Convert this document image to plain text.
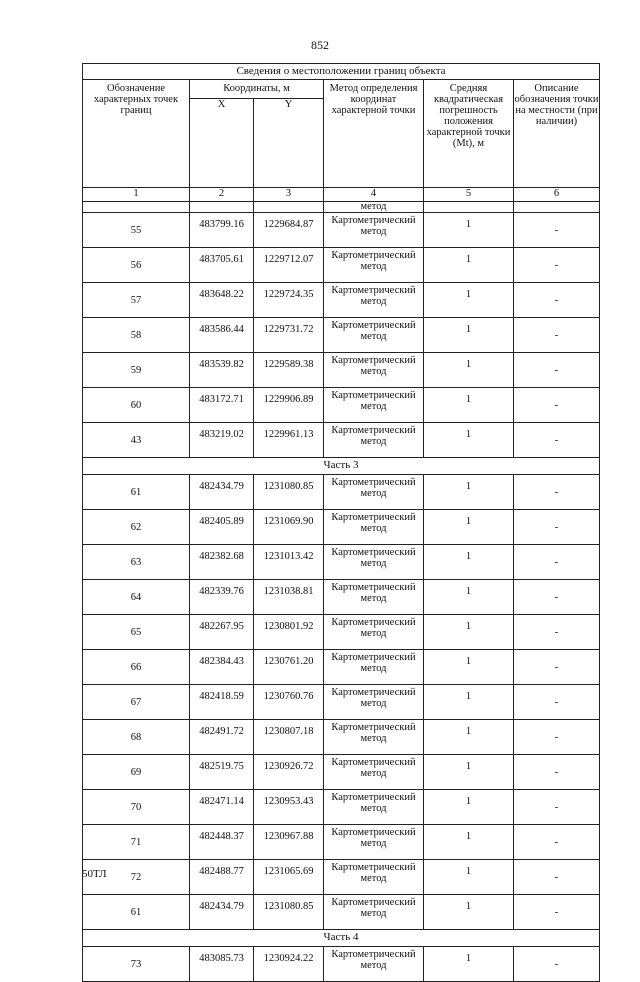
852
Сведения о местоположении границ объекта					
Обозначение характерных точек границ	Координаты, м		Метод определения координат характерной точки	Средняя квадратическая погрешность положения характерной точки (Mt), м	Описание обозначения точки на местности (при наличии)
	X	Y			
1	2	3	4	5	6
			метод		
55	483799.16	1229684.87	Картометрический метод	1	-
56	483705.61	1229712.07	Картометрический метод	1	-
57	483648.22	1229724.35	Картометрический метод	1	-
58	483586.44	1229731.72	Картометрический метод	1	-
59	483539.82	1229589.38	Картометрический метод	1	-
60	483172.71	1229906.89	Картометрический метод	1	-
43	483219.02	1229961.13	Картометрический метод	1	-
Часть 3					
61	482434.79	1231080.85	Картометрический метод	1	-
62	482405.89	1231069.90	Картометрический метод	1	-
63	482382.68	1231013.42	Картометрический метод	1	-
64	482339.76	1231038.81	Картометрический метод	1	-
65	482267.95	1230801.92	Картометрический метод	1	-
66	482384.43	1230761.20	Картометрический метод	1	-
67	482418.59	1230760.76	Картометрический метод	1	-
68	482491.72	1230807.18	Картометрический метод	1	-
69	482519.75	1230926.72	Картометрический метод	1	-
70	482471.14	1230953.43	Картометрический метод	1	-
71	482448.37	1230967.88	Картометрический метод	1	-
72	482488.77	1231065.69	Картометрический метод	1	-
61	482434.79	1231080.85	Картометрический метод	1	-
Часть 4					
73	483085.73	1230924.22	Картометрический метод	1	-
50ТЛ
